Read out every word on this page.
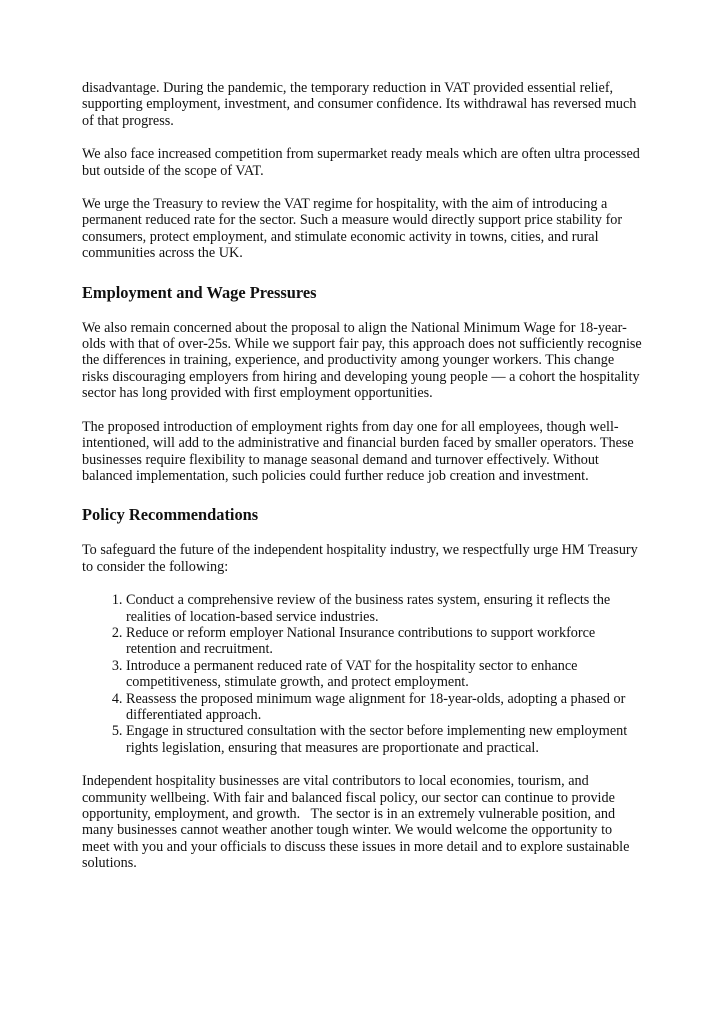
disadvantage. During the pandemic, the temporary reduction in VAT provided essential relief, supporting employment, investment, and consumer confidence. Its withdrawal has reversed much of that progress.

We also face increased competition from supermarket ready meals which are often ultra processed but outside of the scope of VAT.

We urge the Treasury to review the VAT regime for hospitality, with the aim of introducing a permanent reduced rate for the sector. Such a measure would directly support price stability for consumers, protect employment, and stimulate economic activity in towns, cities, and rural communities across the UK.

Employment and Wage Pressures

We also remain concerned about the proposal to align the National Minimum Wage for 18-year-olds with that of over-25s. While we support fair pay, this approach does not sufficiently recognise the differences in training, experience, and productivity among younger workers. This change risks discouraging employers from hiring and developing young people — a cohort the hospitality sector has long provided with first employment opportunities.

The proposed introduction of employment rights from day one for all employees, though well-intentioned, will add to the administrative and financial burden faced by smaller operators. These businesses require flexibility to manage seasonal demand and turnover effectively. Without balanced implementation, such policies could further reduce job creation and investment.

Policy Recommendations

To safeguard the future of the independent hospitality industry, we respectfully urge HM Treasury to consider the following:

1. Conduct a comprehensive review of the business rates system, ensuring it reflects the realities of location-based service industries.
2. Reduce or reform employer National Insurance contributions to support workforce retention and recruitment.
3. Introduce a permanent reduced rate of VAT for the hospitality sector to enhance competitiveness, stimulate growth, and protect employment.
4. Reassess the proposed minimum wage alignment for 18-year-olds, adopting a phased or differentiated approach.
5. Engage in structured consultation with the sector before implementing new employment rights legislation, ensuring that measures are proportionate and practical.

Independent hospitality businesses are vital contributors to local economies, tourism, and community wellbeing. With fair and balanced fiscal policy, our sector can continue to provide opportunity, employment, and growth.   The sector is in an extremely vulnerable position, and many businesses cannot weather another tough winter. We would welcome the opportunity to meet with you and your officials to discuss these issues in more detail and to explore sustainable solutions.
